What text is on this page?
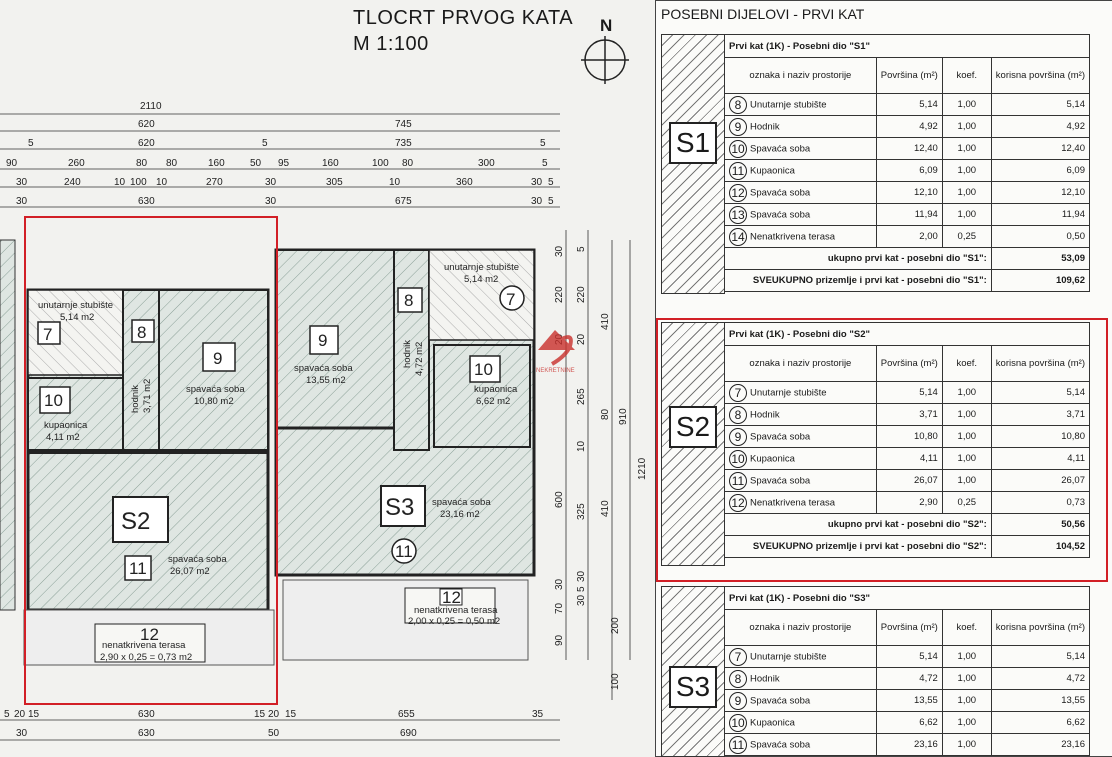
2110
620	745
5	620	5	735	5
90	260	80 80	160	50 95	160	100 80	300	5
30	240	10 100 10	270	30	305	10	360	30 5
30	630	30	675	30 5
5 20 15	630	15 20 15	655	35
30	630	50	690
30 5
220 220
410
20
265
80 910
10
1210
600
325 410
5
30
30
70
30
90
200
100
7
unutarnje stubište
5,14 m2
8
hodnik 3,71 m2
9
spavaća soba
10,80 m2
10
kupaonica
4,11 m2
S2
11 spavaća soba
26,07 m2
12
nenatkrivena terasa
2,90 x 0,25 = 0,73 m2
9
spavaća soba
13,55 m2
8
hodnik 4,72 m2
7
unutarnje stubište
5,14 m2
10
kupaonica
6,62 m2
S3 spavaća soba
23,16 m2
11
12
nenatkrivena terasa
2,00 x 0,25 = 0,50 m2
NEKRETNINE
TLOCRT PRVOG KATA
M 1:100
N
POSEBNI DIJELOVI - PRVI KAT
S1
Prvi kat (1K) - Posebni dio "S1"			
oznaka i naziv prostorije	Površina (m²)	koef.	korisna površina (m²)
8 Unutarnje stubište	5,14	1,00	5,14
9 Hodnik	4,92	1,00	4,92
10 Spavaća soba	12,40	1,00	12,40
11 Kupaonica	6,09	1,00	6,09
12 Spavaća soba	12,10	1,00	12,10
13 Spavaća soba	11,94	1,00	11,94
14 Nenatkrivena terasa	2,00	0,25	0,50
ukupno prvi kat - posebni dio "S1":			53,09
SVEUKUPNO prizemlje i prvi kat - posebni dio "S1":			109,62
S2
Prvi kat (1K) - Posebni dio "S2"			
oznaka i naziv prostorije	Površina (m²)	koef.	korisna površina (m²)
7 Unutarnje stubište	5,14	1,00	5,14
8 Hodnik	3,71	1,00	3,71
9 Spavaća soba	10,80	1,00	10,80
10 Kupaonica	4,11	1,00	4,11
11 Spavaća soba	26,07	1,00	26,07
12 Nenatkrivena terasa	2,90	0,25	0,73
ukupno prvi kat - posebni dio "S2":			50,56
SVEUKUPNO prizemlje i prvi kat - posebni dio "S2":			104,52
S3
Prvi kat (1K) - Posebni dio "S3"			
oznaka i naziv prostorije	Površina (m²)	koef.	korisna površina (m²)
7 Unutarnje stubište	5,14	1,00	5,14
8 Hodnik	4,72	1,00	4,72
9 Spavaća soba	13,55	1,00	13,55
10 Kupaonica	6,62	1,00	6,62
11 Spavaća soba	23,16	1,00	23,16
